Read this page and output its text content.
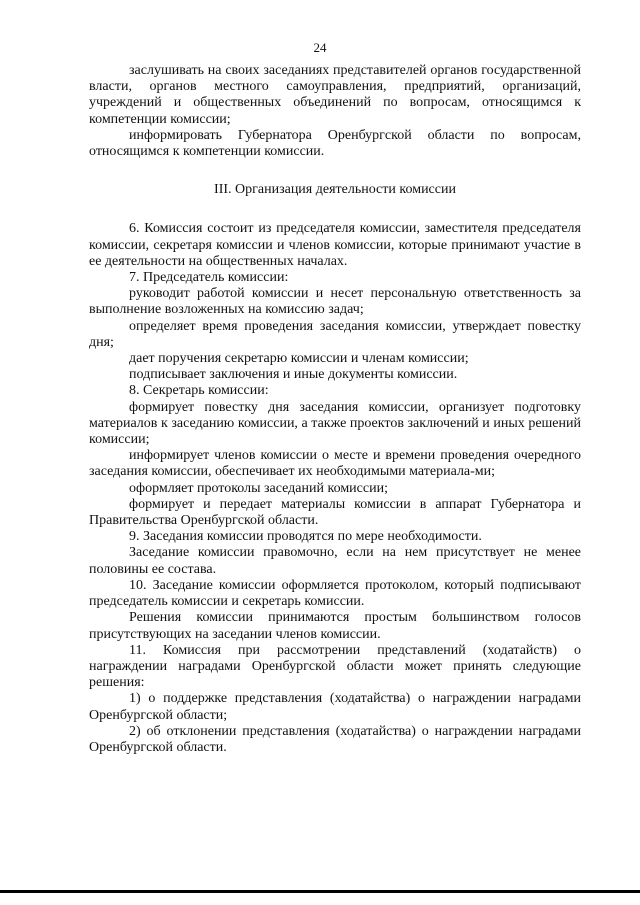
24

заслушивать на своих заседаниях представителей органов государственной власти, органов местного самоуправления, предприятий, организаций, учреждений и общественных объединений по вопросам, относящимся к компетенции комиссии;

информировать Губернатора Оренбургской области по вопросам, относящимся к компетенции комиссии.

III. Организация деятельности комиссии

6. Комиссия состоит из председателя комиссии, заместителя председателя комиссии, секретаря комиссии и членов комиссии, которые принимают участие в ее деятельности на общественных началах.

7. Председатель комиссии:

руководит работой комиссии и несет персональную ответственность за выполнение возложенных на комиссию задач;

определяет время проведения заседания комиссии, утверждает повестку дня;

дает поручения секретарю комиссии и членам комиссии;

подписывает заключения и иные документы комиссии.

8. Секретарь комиссии:

формирует повестку дня заседания комиссии, организует подготовку материалов к заседанию комиссии, а также проектов заключений и иных решений комиссии;

информирует членов комиссии о месте и времени проведения очередного заседания комиссии, обеспечивает их необходимыми материала-ми;

оформляет протоколы заседаний комиссии;

формирует и передает материалы комиссии в аппарат Губернатора и Правительства Оренбургской области.

9. Заседания комиссии проводятся по мере необходимости.

Заседание комиссии правомочно, если на нем присутствует не менее половины ее состава.

10. Заседание комиссии оформляется протоколом, который подписывают председатель комиссии и секретарь комиссии.

Решения комиссии принимаются простым большинством голосов присутствующих на заседании членов комиссии.

11. Комиссия при рассмотрении представлений (ходатайств) о награждении наградами Оренбургской области может принять следующие решения:

1) о поддержке представления (ходатайства) о награждении наградами Оренбургской области;

2) об отклонении представления (ходатайства) о награждении наградами Оренбургской области.
